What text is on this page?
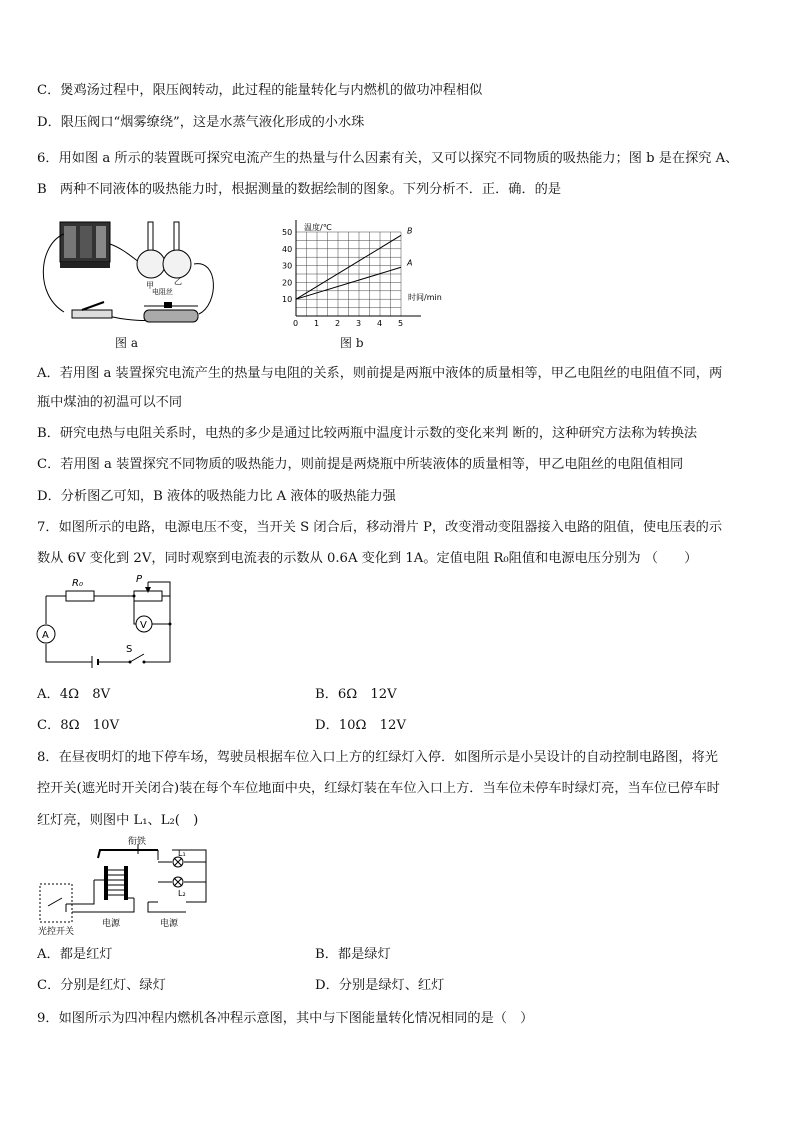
C．煲鸡汤过程中，限压阀转动，此过程的能量转化与内燃机的做功冲程相似
D．限压阀口“烟雾缭绕”，这是水蒸气液化形成的小水珠
6．用如图 a 所示的装置既可探究电流产生的热量与什么因素有关，又可以探究不同物质的吸热能力；图 b 是在探究 A、
B　两种不同液体的吸热能力时，根据测量的数据绘制的图象。下列分析不．正．确．的是
甲	乙
电阻丝
图 a
0 1 2 3 4 5
10
20
30
40
50	B
A
温度/℃
时间/min
图 b
A．若用图 a 装置探究电流产生的热量与电阻的关系，则前提是两瓶中液体的质量相等，甲乙电阻丝的电阻值不同，两
瓶中煤油的初温可以不同
B．研究电热与电阻关系时，电热的多少是通过比较两瓶中温度计示数的变化来判 断的，这种研究方法称为转换法
C．若用图 a 装置探究不同物质的吸热能力，则前提是两烧瓶中所装液体的质量相等，甲乙电阻丝的电阻值相同
D．分析图乙可知，B 液体的吸热能力比 A 液体的吸热能力强
7．如图所示的电路，电源电压不变，当开关 S 闭合后，移动滑片 P，改变滑动变阻器接入电路的阻值，使电压表的示
数从 6V 变化到 2V，同时观察到电流表的示数从 0.6A 变化到 1A。定值电阻 R₀阻值和电源电压分别为 （　　）
R₀	P
V
A
S
A．4Ω　8V	B．6Ω　12V
C．8Ω　10V	D．10Ω　12V
8．在昼夜明灯的地下停车场，驾驶员根据车位入口上方的红绿灯入停．如图所示是小吴设计的自动控制电路图，将光
控开关(遮光时开关闭合)装在每个车位地面中央，红绿灯装在车位入口上方．当车位未停车时绿灯亮，当车位已停车时
红灯亮，则图中 L₁、L₂(　)
光控开关
衔铁
L₁
L₂
电源	电源
A．都是红灯	B．都是绿灯
C．分别是红灯、绿灯	D．分别是绿灯、红灯
9．如图所示为四冲程内燃机各冲程示意图，其中与下图能量转化情况相同的是（　）
